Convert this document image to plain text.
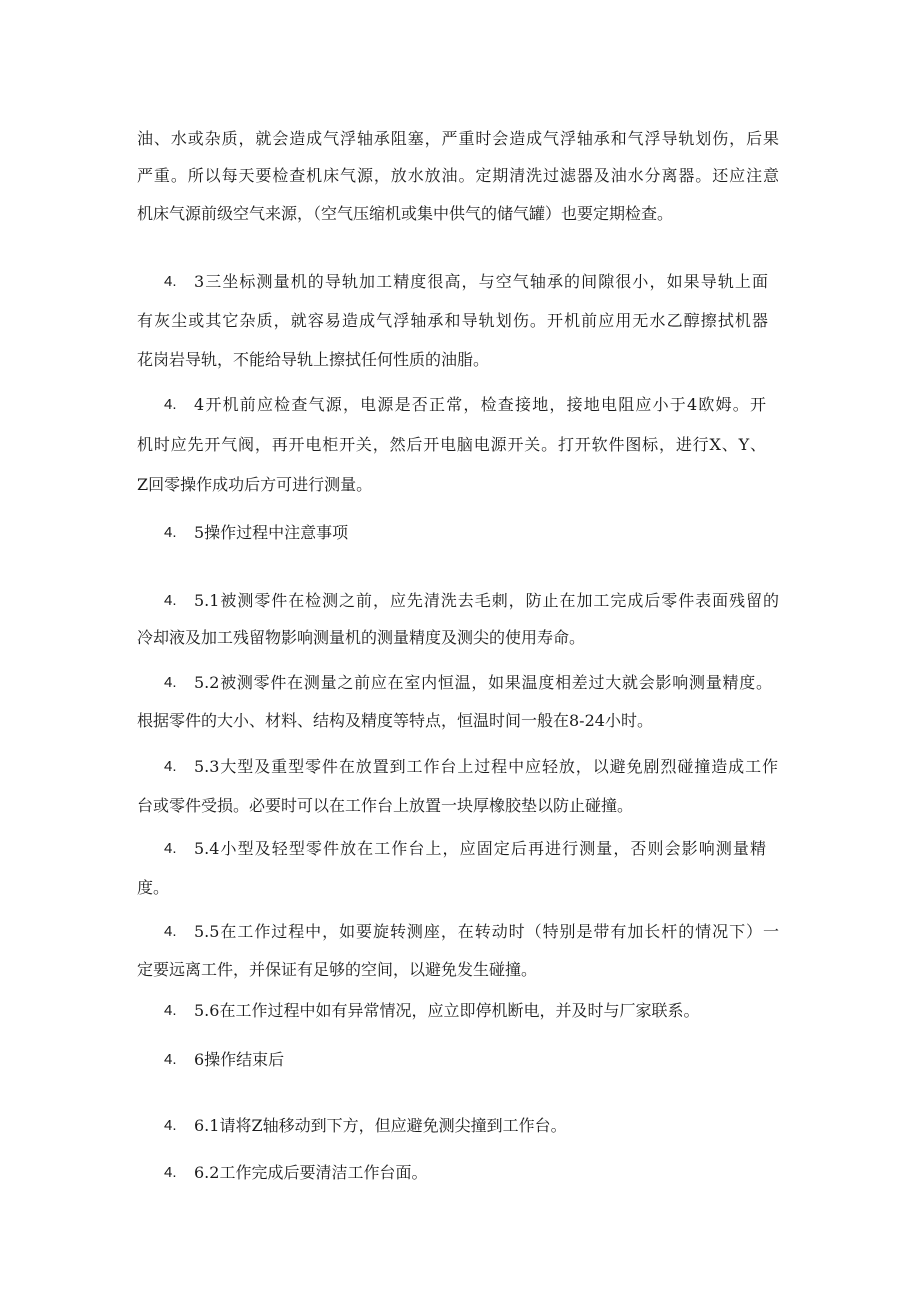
油、水或杂质，就会造成气浮轴承阻塞，严重时会造成气浮轴承和气浮导轨划伤，后果
严重。所以每天要检查机床气源，放水放油。定期清洗过滤器及油水分离器。还应注意
机床气源前级空气来源，（空气压缩机或集中供气的储气罐）也要定期检查。
4. 3三坐标测量机的导轨加工精度很高，与空气轴承的间隙很小，如果导轨上面
有灰尘或其它杂质，就容易造成气浮轴承和导轨划伤。开机前应用无水乙醇擦拭机器
花岗岩导轨，不能给导轨上擦拭任何性质的油脂。
4. 4开机前应检查气源，电源是否正常，检查接地，接地电阻应小于4欧姆。开
机时应先开气阀，再开电柜开关，然后开电脑电源开关。打开软件图标，进行X、Y、
Z回零操作成功后方可进行测量。
4. 5操作过程中注意事项
4. 5.1被测零件在检测之前，应先清洗去毛刺，防止在加工完成后零件表面残留的
冷却液及加工残留物影响测量机的测量精度及测尖的使用寿命。
4. 5.2被测零件在测量之前应在室内恒温，如果温度相差过大就会影响测量精度。
根据零件的大小、材料、结构及精度等特点，恒温时间一般在8-24小时。
4. 5.3大型及重型零件在放置到工作台上过程中应轻放，以避免剧烈碰撞造成工作
台或零件受损。必要时可以在工作台上放置一块厚橡胶垫以防止碰撞。
4. 5.4小型及轻型零件放在工作台上，应固定后再进行测量，否则会影响测量精
度。
4. 5.5在工作过程中，如要旋转测座，在转动时（特别是带有加长杆的情况下）一
定要远离工件，并保证有足够的空间，以避免发生碰撞。
4. 5.6在工作过程中如有异常情况，应立即停机断电，并及时与厂家联系。
4. 6操作结束后
4. 6.1请将Z轴移动到下方，但应避免测尖撞到工作台。
4. 6.2工作完成后要清洁工作台面。
